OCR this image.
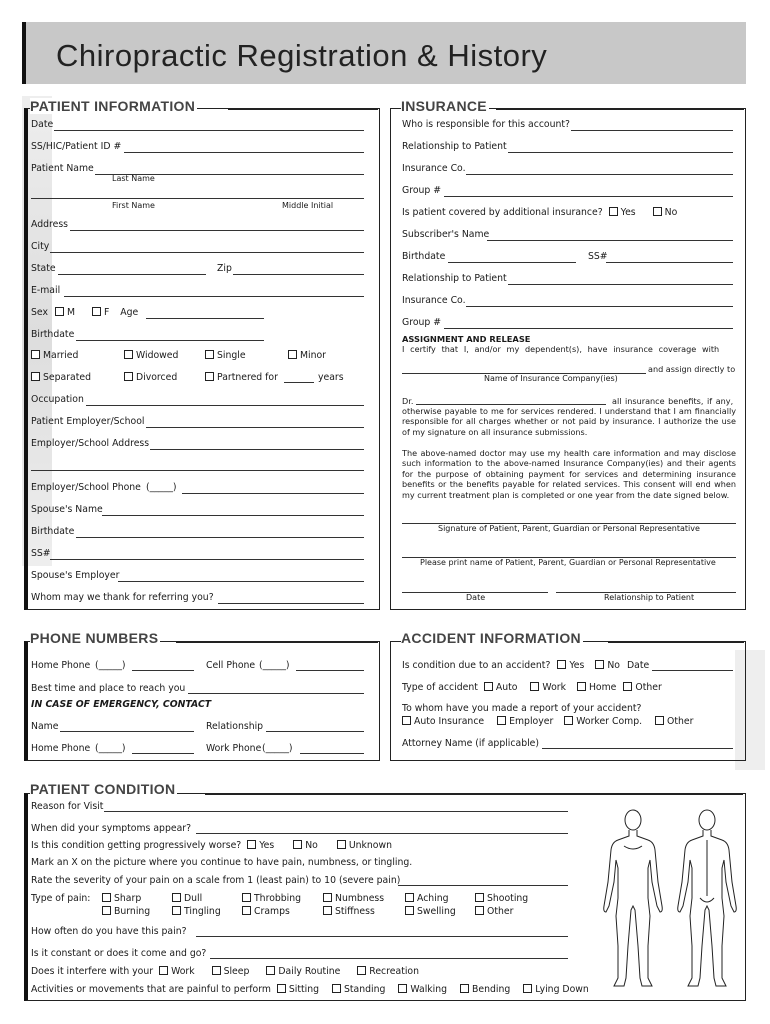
Chiropractic Registration & History
PATIENT INFORMATION
Date
SS/HIC/Patient ID #
Patient Name
Last Name
First Name	Middle Initial
Address
City
State	Zip
E-mail
Sex M	F Age
Birthdate
Married	Widowed	Single	Minor
Separated	Divorced	Partnered for	years
Occupation
Patient Employer/School
Employer/School Address
Employer/School Phone (_____)
Spouse's Name
Birthdate
SS#
Spouse's Employer
Whom may we thank for referring you?
INSURANCE
Who is responsible for this account?
Relationship to Patient
Insurance Co.
Group #
Is patient covered by additional insurance? Yes	No
Subscriber's Name
Birthdate	SS#
Relationship to Patient
Insurance Co.
Group #
ASSIGNMENT AND RELEASE
I certify that I, and/or my dependent(s), have insurance coverage with
and assign directly to
Name of Insurance Company(ies)
Dr.	all insurance benefits, if any,
otherwise payable to me for services rendered. I understand that I am financially responsible for all charges whether or not paid by insurance. I authorize the use of my signature on all insurance submissions.
The above-named doctor may use my health care information and may disclose such information to the above-named Insurance Company(ies) and their agents for the purpose of obtaining payment for services and determining insurance benefits or the benefits payable for related services. This consent will end when my current treatment plan is completed or one year from the date signed below.
Signature of Patient, Parent, Guardian or Personal Representative
Please print name of Patient, Parent, Guardian or Personal Representative
Date	Relationship to Patient
PHONE NUMBERS
Home Phone (_____)	Cell Phone (_____)
Best time and place to reach you
IN CASE OF EMERGENCY, CONTACT
Name	Relationship
Home Phone (_____)	Work Phone (_____)
ACCIDENT INFORMATION
Is condition due to an accident? Yes No Date
Type of accident Auto	Work Home Other
To whom have you made a report of your accident?
Auto Insurance	Employer Worker Comp.	Other
Attorney Name (if applicable)
PATIENT CONDITION
Reason for Visit
When did your symptoms appear?
Is this condition getting progressively worse? Yes	No	Unknown
Mark an X on the picture where you continue to have pain, numbness, or tingling.
Rate the severity of your pain on a scale from 1 (least pain) to 10 (severe pain)
Type of pain:	Sharp	Dull	Throbbing	Numbness	Aching	Shooting
Burning	Tingling	Cramps	Stiffness	Swelling	Other
How often do you have this pain?
Is it constant or does it come and go?
Does it interfere with your Work	Sleep	Daily Routine	Recreation
Activities or movements that are painful to perform Sitting	Standing	Walking	Bending	Lying Down
